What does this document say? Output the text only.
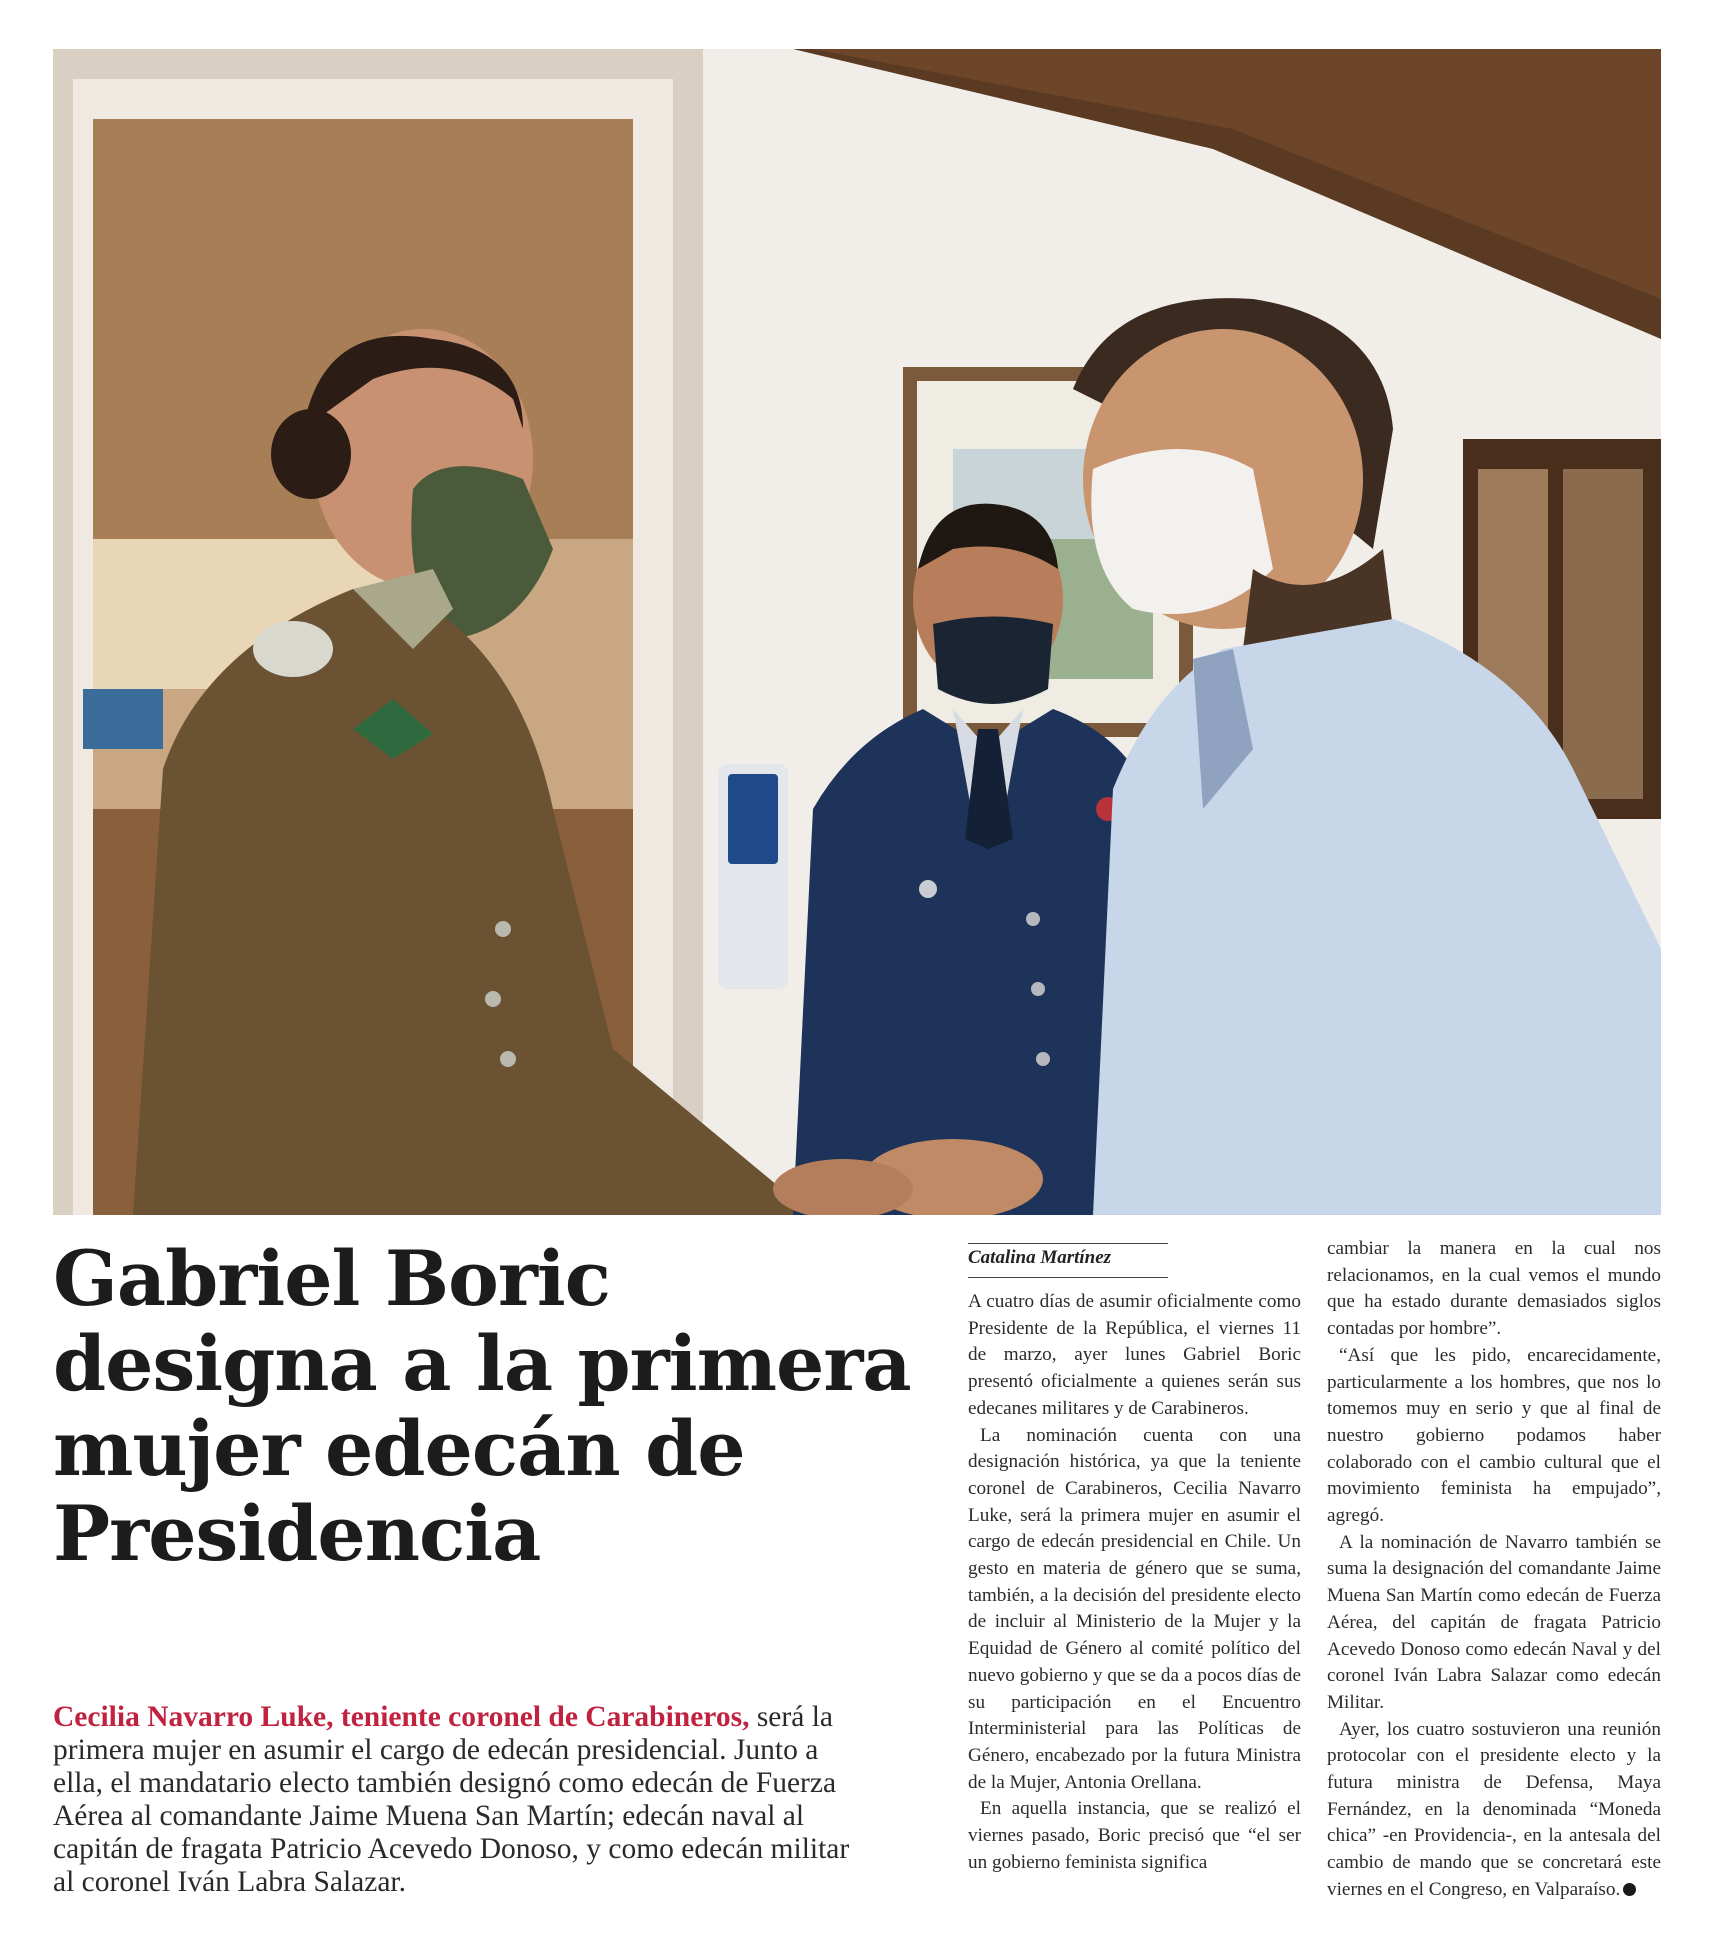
Gabriel Boric designa a la primera mujer edecán de Presidencia

Cecilia Navarro Luke, teniente coronel de Carabineros, será la primera mujer en asumir el cargo de edecán presidencial. Junto a ella, el mandatario electo también designó como edecán de Fuerza Aérea al comandante Jaime Muena San Martín; edecán naval al capitán de fragata Patricio Acevedo Donoso, y como edecán militar al coronel Iván Labra Salazar.

Catalina Martínez

A cuatro días de asumir oficialmente como Presidente de la República, el viernes 11 de marzo, ayer lunes Gabriel Boric presentó oficialmente a quienes serán sus edecanes militares y de Carabineros.

La nominación cuenta con una designación histórica, ya que la teniente coronel de Carabineros, Cecilia Navarro Luke, será la primera mujer en asumir el cargo de edecán presidencial en Chile. Un gesto en materia de género que se suma, también, a la decisión del presidente electo de incluir al Ministerio de la Mujer y la Equidad de Género al comité político del nuevo gobierno y que se da a pocos días de su participación en el Encuentro Interministerial para las Políticas de Género, encabezado por la futura Ministra de la Mujer, Antonia Orellana.

En aquella instancia, que se realizó el viernes pasado, Boric precisó que “el ser un gobierno feminista significa

cambiar la manera en la cual nos relacionamos, en la cual vemos el mundo que ha estado durante demasiados siglos contadas por hombre”.

“Así que les pido, encarecidamente, particularmente a los hombres, que nos lo tomemos muy en serio y que al final de nuestro gobierno podamos haber colaborado con el cambio cultural que el movimiento feminista ha empujado”, agregó.

A la nominación de Navarro también se suma la designación del comandante Jaime Muena San Martín como edecán de Fuerza Aérea, del capitán de fragata Patricio Acevedo Donoso como edecán Naval y del coronel Iván Labra Salazar como edecán Militar.

Ayer, los cuatro sostuvieron una reunión protocolar con el presidente electo y la futura ministra de Defensa, Maya Fernández, en la denominada “Moneda chica” -en Providencia-, en la antesala del cambio de mando que se concretará este viernes en el Congreso, en Valparaíso.
